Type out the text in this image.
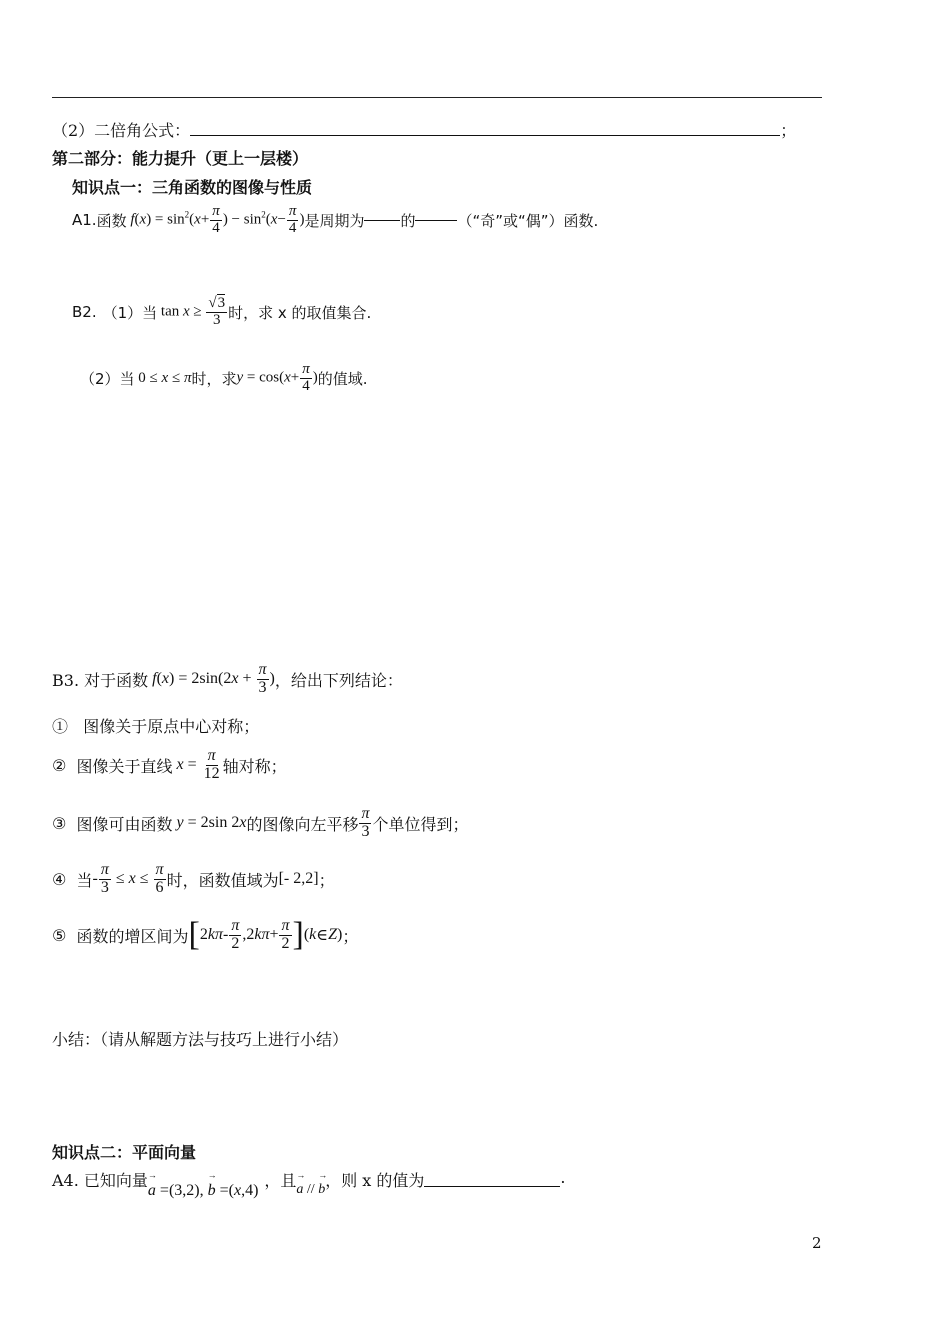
（2）二倍角公式：	；
第二部分：能力提升（更上一层楼）
知识点一：三角函数的图像与性质
A1. 函数 $f(x) = \sin^2(x+ \frac{\pi}{4}$ ) − $\sin^2(x- \frac{\pi}{4}$ ) 是周期为 的	（“奇”或“偶”）函数.
B2. （1）当 $\tan x \ge \frac{√3}{3}$ 时，求 x 的取值集合.
（2）当 0 ≤ x ≤ π 时，求 $y = \cos(x+ \frac{\pi}{4}$ ) 的值域.
B3. 对于函数 $f(x) = 2\sin(2x + \frac{\pi}{3}$ ) ，给出下列结论：
① 图像关于原点中心对称；
②
图像关于直线 $x = \frac{\pi}{12}$ 轴对称；
③
图像可由函数 y = 2sin 2x 的图像向左平移 $\frac{\pi}{3}$ 个单位得到；
④
当 - $\frac{\pi}{3} \le x \le \frac{\pi}{6}$ 时，函数值域为 [- 2,2] ；
⑤
函数的增区间为 [ 2 k π - $\frac{\pi}{2} ,2$ k $\pi + \frac{\pi}{2}$ ] ( k ∈ Z ) ；
小结：（请从解题方法与技巧上进行小结）
知识点二：平面向量
A4. 已知向量
→ a =(3,2), → b =(x,4)
，且
→ a // → b ，则 x 的值为	.
2
